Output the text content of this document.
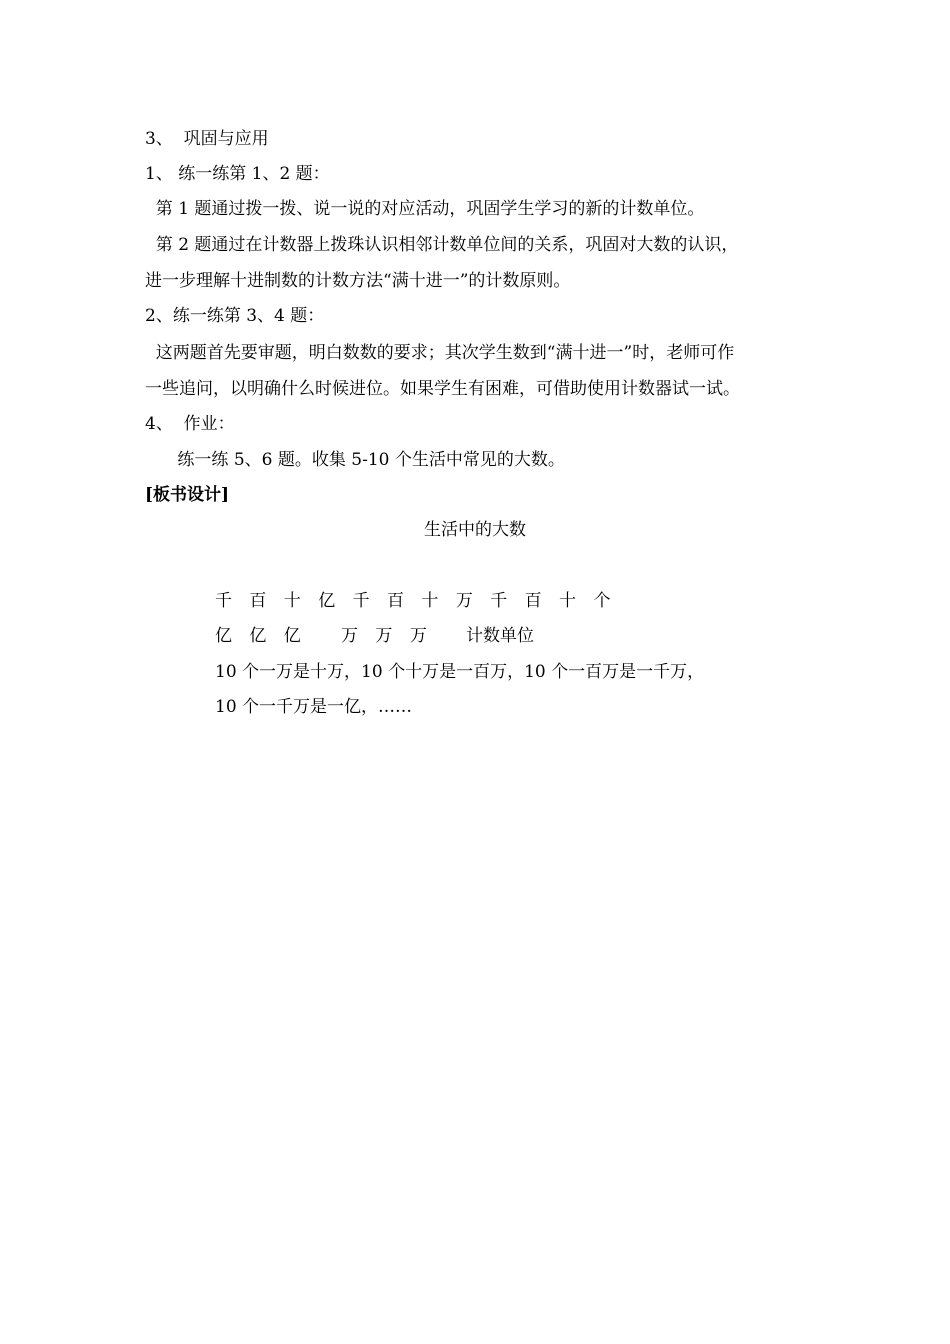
3、  巩固与应用
1、 练一练第 1、2 题：
第 1 题通过拨一拨、说一说的对应活动，巩固学生学习的新的计数单位。
第 2 题通过在计数器上拨珠认识相邻计数单位间的关系，巩固对大数的认识，
进一步理解十进制数的计数方法“满十进一”的计数原则。
2、练一练第 3、4 题：
这两题首先要审题，明白数数的要求；其次学生数到“满十进一”时，老师可作
一些追问，以明确什么时候进位。如果学生有困难，可借助使用计数器试一试。
4、  作业：
练一练 5、6 题。收集 5-10 个生活中常见的大数。
[板书设计]
生活中的大数
千 百 十 亿 千 百 十 万 千 百 十 个
亿 亿 亿   万 万 万 计数单位
10 个一万是十万，10 个十万是一百万，10 个一百万是一千万，
10 个一千万是一亿，……
